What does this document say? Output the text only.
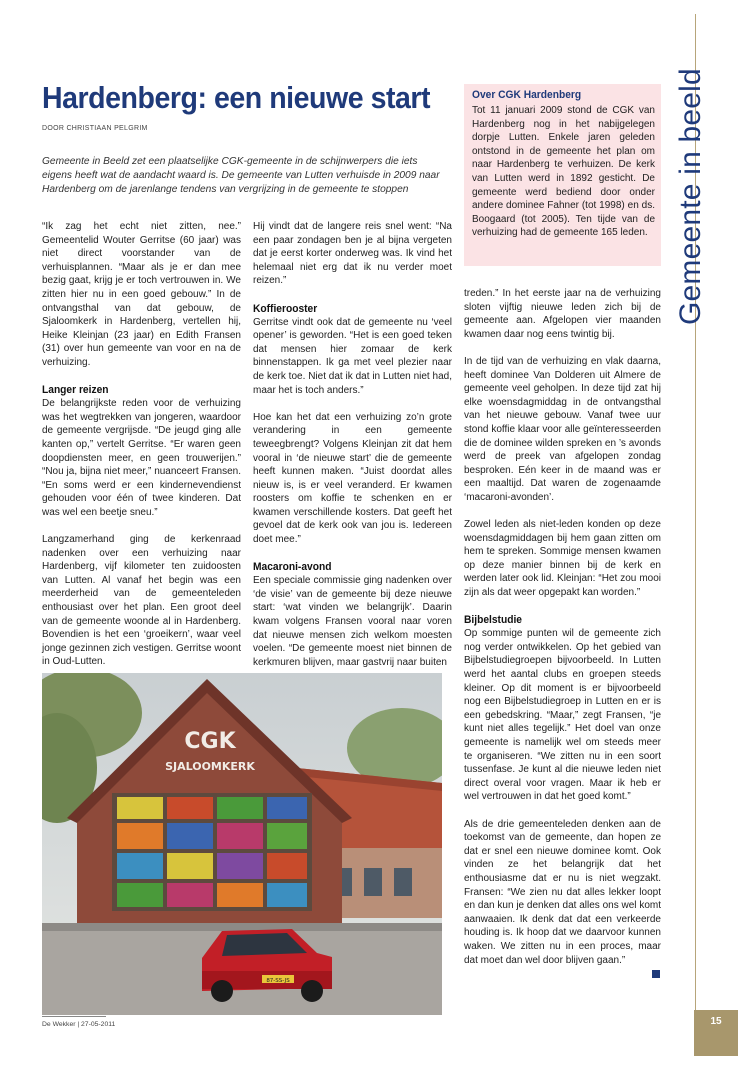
Hardenberg: een nieuwe start
DOOR CHRISTIAAN PELGRIM
Gemeente in Beeld zet een plaatselijke CGK-gemeente in de schijnwerpers die iets eigens heeft wat de aandacht waard is. De gemeente van Lutten verhuisde in 2009 naar Hardenberg om de jarenlange tendens van vergrijzing in de gemeente te stoppen

“Ik zag het echt niet zitten, nee.” Gemeentelid Wouter Gerritse (60 jaar) was niet direct voorstander van de verhuisplannen. “Maar als je er dan mee bezig gaat, krijg je er toch vertrouwen in. We zitten hier nu in een goed gebouw.” In de ontvangsthal van dat gebouw, de Sjaloomkerk in Hardenberg, vertellen hij, Heike Kleinjan (23 jaar) en Edith Fransen (31) over hun gemeente van voor en na de verhuizing.

Langer reizen

De belangrijkste reden voor de verhuizing was het wegtrekken van jongeren, waardoor de gemeente vergrijsde. “De jeugd ging alle kanten op,” vertelt Gerritse. “Er waren geen doopdiensten meer, en geen trouwerijen.” “Nou ja, bijna niet meer,” nuanceert Fransen. “En soms werd er een kindernevendienst gehouden voor één of twee kinderen. Dat was wel een beetje sneu.”

Langzamerhand ging de kerkenraad nadenken over een verhuizing naar Hardenberg, vijf kilometer ten zuidoosten van Lutten. Al vanaf het begin was een meerderheid van de gemeenteleden enthousiast over het plan. Een groot deel van de gemeente woonde al in Hardenberg. Bovendien is het een ‘groeikern’, waar veel jonge gezinnen zich vestigen. Gerritse woont in Oud-Lutten.

Hij vindt dat de langere reis snel went: “Na een paar zondagen ben je al bijna vergeten dat je eerst korter onderweg was. Ik vind het helemaal niet erg dat ik nu verder moet reizen.”

Koffierooster

Gerritse vindt ook dat de gemeente nu ‘veel opener’ is geworden. “Het is een goed teken dat mensen hier zomaar de kerk binnenstappen. Ik ga met veel plezier naar de kerk toe. Niet dat ik dat in Lutten niet had, maar het is toch anders.”

Hoe kan het dat een verhuizing zo’n grote verandering in een gemeente teweegbrengt? Volgens Kleinjan zit dat hem vooral in ‘de nieuwe start’ die de gemeente heeft kunnen maken. “Juist doordat alles nieuw is, is er veel veranderd. Er kwamen roosters om koffie te schenken en er kwamen verschillende kosters. Dat geeft het gevoel dat de kerk ook van jou is. Iedereen doet mee.”

Macaroni-avond

Een speciale commissie ging nadenken over ‘de visie’ van de gemeente bij deze nieuwe start: ‘wat vinden we belangrijk’. Daarin kwam volgens Fransen vooral naar voren dat nieuwe mensen zich welkom moesten voelen. “De gemeente moest niet binnen de kerkmuren blijven, maar gastvrij naar buiten

Over CGK Hardenberg
Tot 11 januari 2009 stond de CGK van Hardenberg nog in het nabijgelegen dorpje Lutten. Enkele jaren geleden ontstond in de gemeente het plan om naar Hardenberg te verhuizen. De kerk van Lutten werd in 1892 gesticht. De gemeente werd bediend door onder andere dominee Fahner (tot 1998) en ds. Boogaard (tot 2005). Ten tijde van de verhuizing had de gemeente 165 leden.

treden.” In het eerste jaar na de verhuizing sloten vijftig nieuwe leden zich bij de gemeente aan. Afgelopen vier maanden kwamen daar nog eens twintig bij.

In de tijd van de verhuizing en vlak daarna, heeft dominee Van Dolderen uit Almere de gemeente veel geholpen. In deze tijd zat hij elke woensdagmiddag in de ontvangsthal van het nieuwe gebouw. Vanaf twee uur stond koffie klaar voor alle geïnteresseerden die de dominee wilden spreken en ’s avonds werd de preek van afgelopen zondag besproken. Eén keer in de maand was er een maaltijd. Dat waren de zogenaamde ‘macaroni-avonden’.

Zowel leden als niet-leden konden op deze woensdagmiddagen bij hem gaan zitten om hem te spreken. Sommige mensen kwamen op deze manier binnen bij de kerk en werden later ook lid. Kleinjan: “Het zou mooi zijn als dat weer opgepakt kan worden.”

Bijbelstudie

Op sommige punten wil de gemeente zich nog verder ontwikkelen. Op het gebied van Bijbelstudiegroepen bijvoorbeeld. In Lutten werd het aantal clubs en groepen steeds kleiner. Op dit moment is er bijvoorbeeld nog een Bijbelstudiegroep in Lutten en er is een gebedskring. “Maar,” zegt Fransen, “je kunt niet alles tegelijk.” Het doel van onze gemeente is namelijk wel om steeds meer te organiseren. “We zitten nu in een soort tussenfase. Je kunt al die nieuwe leden niet direct overal voor vragen. Maar ik heb er wel vertrouwen in dat het goed komt.”

Als de drie gemeenteleden denken aan de toekomst van de gemeente, dan hopen ze dat er snel een nieuwe dominee komt. Ook vinden ze het belangrijk dat het enthousiasme dat er nu is niet wegzakt. Fransen: “We zien nu dat alles lekker loopt en dan kun je denken dat alles ons wel komt aanwaaien. Ik denk dat dat een verkeerde houding is. Ik hoop dat we daarvoor kunnen waken. We zitten nu in een proces, maar dat moet dan wel door blijven gaan.”

CGK
SJALOOMKERK
87-SS-JS
Gemeente in beeld
15
De Wekker | 27-05-2011
